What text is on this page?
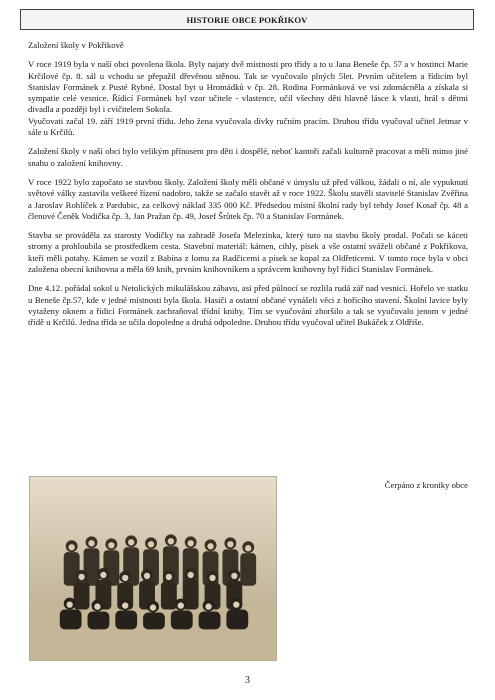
HISTORIE OBCE POKŘIKOV

Založení školy v Pokřikově

V roce 1919 byla v naší obci povolena škola. Byly najaty dvě místnosti pro třídy a to u Jana Beneše čp. 57 a v hostinci Marie Krčilové čp. 8. sál u vchodu se přepažil dřevěnou stěnou. Tak se vyučovalo plných 5let. Prvním učitelem a řídicím byl Stanislav Formánek z Pusté Rybné. Dostal byt u Hromádků v čp. 28. Rodina Formánková ve vsi zdomácněla a získala si sympatie celé vesnice. Řídicí Formánek byl vzor učitele - vlastence, učil všechny děti hlavně lásce k vlasti, hrál s dětmi divadla a později byl i cvičitelem Sokola.

Vyučovati začal 19. září 1919 první třídu. Jeho žena vyučovala dívky ručním pracím. Druhou třídu vyučoval učitel Jetmar v sále u Krčilů.

Založení školy v naší obci bylo velikým přínosem pro děti i dospělé, neboť kantoři začali kulturně pracovat a měli mimo jiné snahu o založení knihovny.

V roce 1922 bylo započato se stavbou školy. Založení školy měli občané v úmyslu už před válkou, žádali o ní, ale vypuknutí světové války zastavila veškeré řízení nadobro, takže se začalo stavět až v roce 1922. Školu stavěli stavitelé Stanislav Zvěřina a Jaroslav Rohlíček z Pardubic, za celkový náklad 335 000 Kč. Předsedou místní školní rady byl tehdy Josef Kosař čp. 48 a členové Čeněk Vodička čp. 3, Jan Pražan čp. 49, Josef Šrůtek čp. 70 a Stanislav Formánek.

Stavba se prováděla za starosty Vodičky na zahradě Josefa Melezinka, který tuto na stavbu školy prodal. Počali se káceti stromy a prohloubila se prostředkem cesta. Stavební materiál: kámen, cihly, písek a vše ostatní sváželi občané z Pokřikova, kteří měli potahy. Kámen se vozil z Babína z lomu za Radčicemi a písek se kopal za Oldřeticemi. V tomto roce byla v obci založena obecní knihovna a měla 69 knih, prvním knihovníkem a správcem knihovny byl řídicí Stanislav Formánek.

Dne 4.12. pořádal sokol u Netolických mikulášskou zábavu, asi před půlnocí se rozlila rudá zář nad vesnicí. Hořelo ve statku u Beneše čp.57, kde v jedné místnosti byla škola. Hasiči a ostatní občané vynášeli věci z hořícího stavení. Školní lavice byly vytaženy oknem a řídicí Formánek zachraňoval třídní knihy. Tím se vyučování zhoršilo a tak se vyučovalo jenom v jedné třídě u Krčilů. Jedna třída se učila dopoledne a druhá odpoledne. Druhou třídu vyučoval učitel Bukáček z Oldřiše.

Čerpáno z kroniky obce
3
